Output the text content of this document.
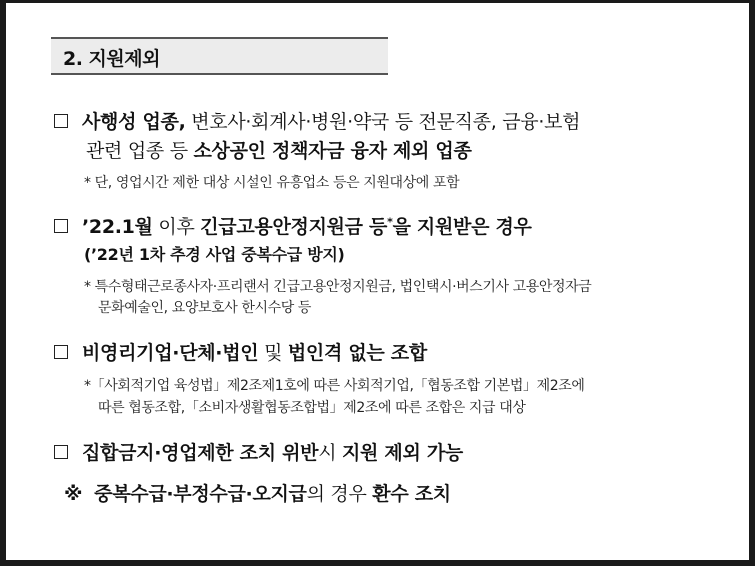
2. 지원제외
사행성 업종, 변호사·회계사·병원·약국 등 전문직종, 금융·보험
관련 업종 등 소상공인 정책자금 융자 제외 업종
* 단, 영업시간 제한 대상 시설인 유흥업소 등은 지원대상에 포함
’22.1월 이후 긴급고용안정지원금 등*을 지원받은 경우
(’22년 1차 추경 사업 중복수급 방지)
* 특수형태근로종사자·프리랜서 긴급고용안정지원금, 법인택시·버스기사 고용안정자금
문화예술인, 요양보호사 한시수당 등
비영리기업·단체·법인 및 법인격 없는 조합
*「사회적기업 육성법」제2조제1호에 따른 사회적기업,「협동조합 기본법」제2조에
따른 협동조합,「소비자생활협동조합법」제2조에 따른 조합은 지급 대상
집합금지·영업제한 조치 위반시 지원 제외 가능
※ 중복수급·부정수급·오지급의 경우 환수 조치
